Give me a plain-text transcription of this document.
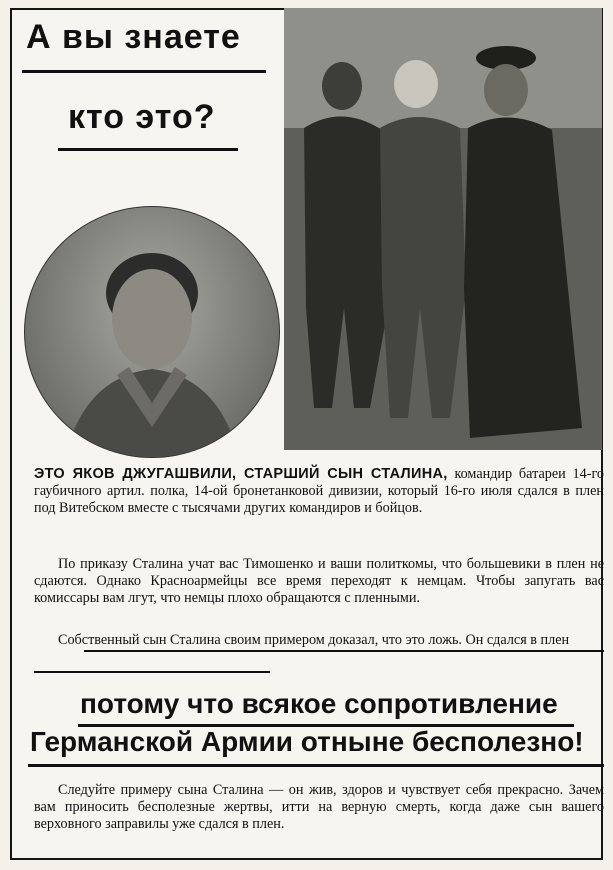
А вы знаете
кто это?
ЭТО ЯКОВ ДЖУГАШВИЛИ, СТАРШИЙ СЫН СТАЛИНА, командир батареи 14-го гаубичного артил. полка, 14-ой бронетанковой дивизии, который 16-го июля сдался в плен под Витебском вместе с тысячами других командиров и бойцов.
По приказу Сталина учат вас Тимошенко и ваши политкомы, что большевики в плен не сдаются. Однако Красноармейцы все время переходят к немцам. Чтобы запугать вас комиссары вам лгут, что немцы плохо обращаются с пленными.
Собственный сын Сталина своим примером доказал, что это ложь. Он сдался в плен
потому что всякое сопротивление
Германской Армии отныне бесполезно!
Следуйте примеру сына Сталина — он жив, здоров и чувствует себя прекрасно. Зачем вам приносить бесполезные жертвы, итти на верную смерть, когда даже сын вашего верховного заправилы уже сдался в плен.
